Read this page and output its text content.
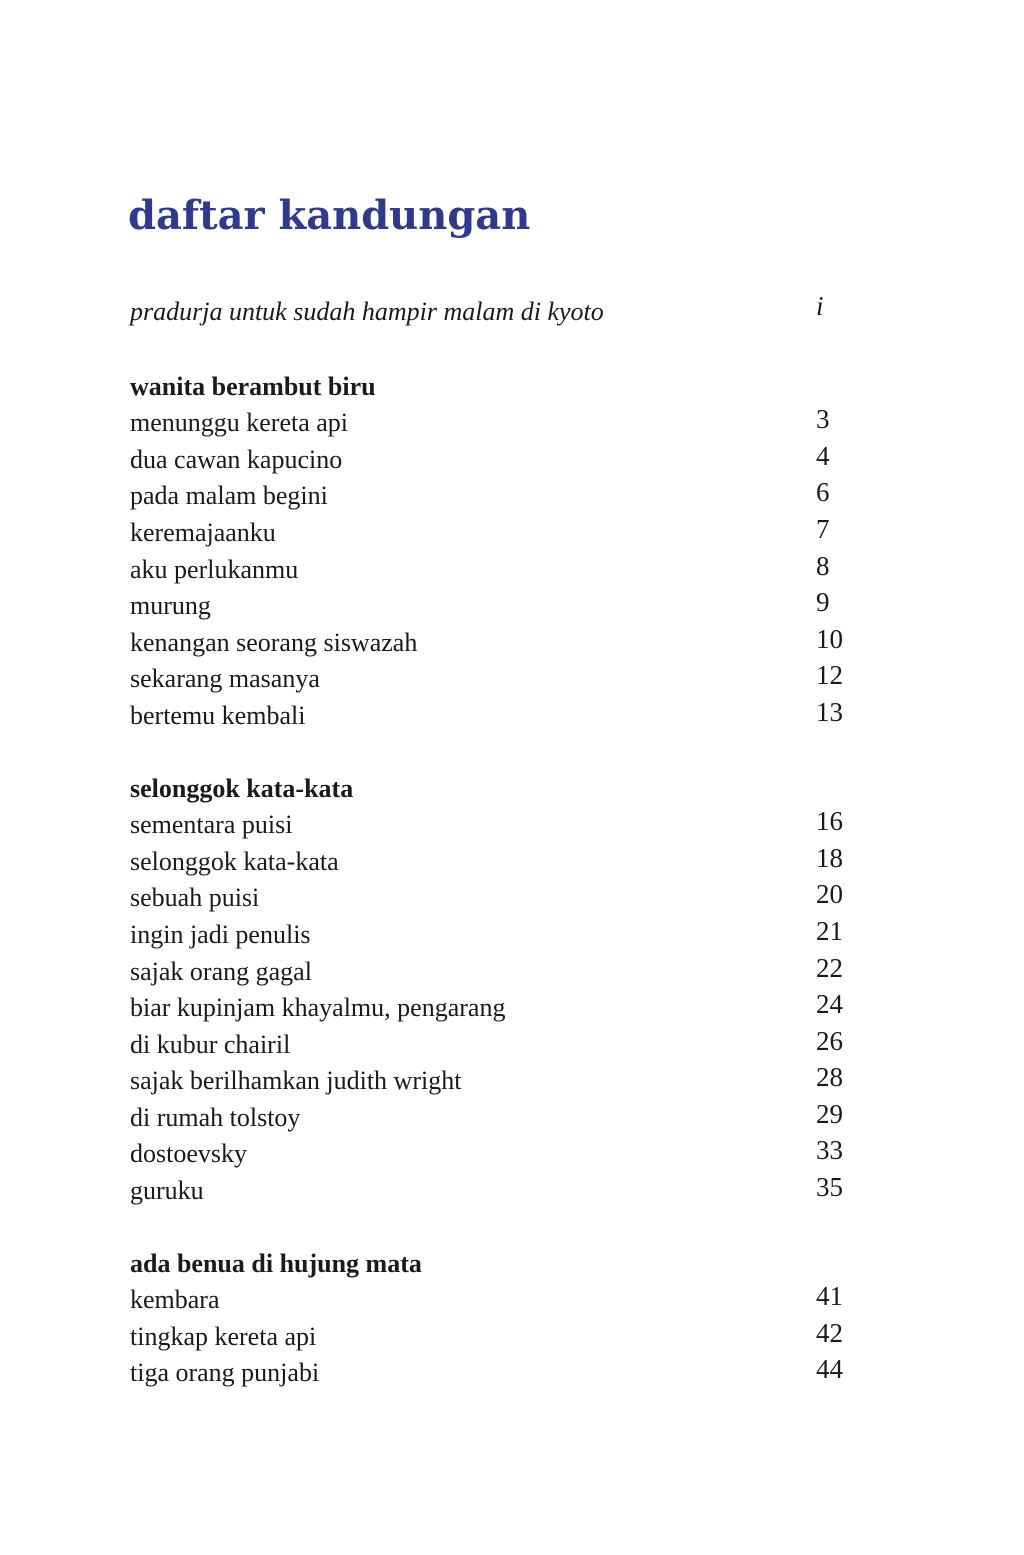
daftar kandungan
pradurja untuk sudah hampir malam di kyoto	i
wanita berambut biru
menunggu kereta api	3
dua cawan kapucino	4
pada malam begini	6
keremajaanku	7
aku perlukanmu	8
murung	9
kenangan seorang siswazah	10
sekarang masanya	12
bertemu kembali	13
selonggok kata-kata
sementara puisi	16
selonggok kata-kata	18
sebuah puisi	20
ingin jadi penulis	21
sajak orang gagal	22
biar kupinjam khayalmu, pengarang	24
di kubur chairil	26
sajak berilhamkan judith wright	28
di rumah tolstoy	29
dostoevsky	33
guruku	35
ada benua di hujung mata
kembara	41
tingkap kereta api	42
tiga orang punjabi	44
